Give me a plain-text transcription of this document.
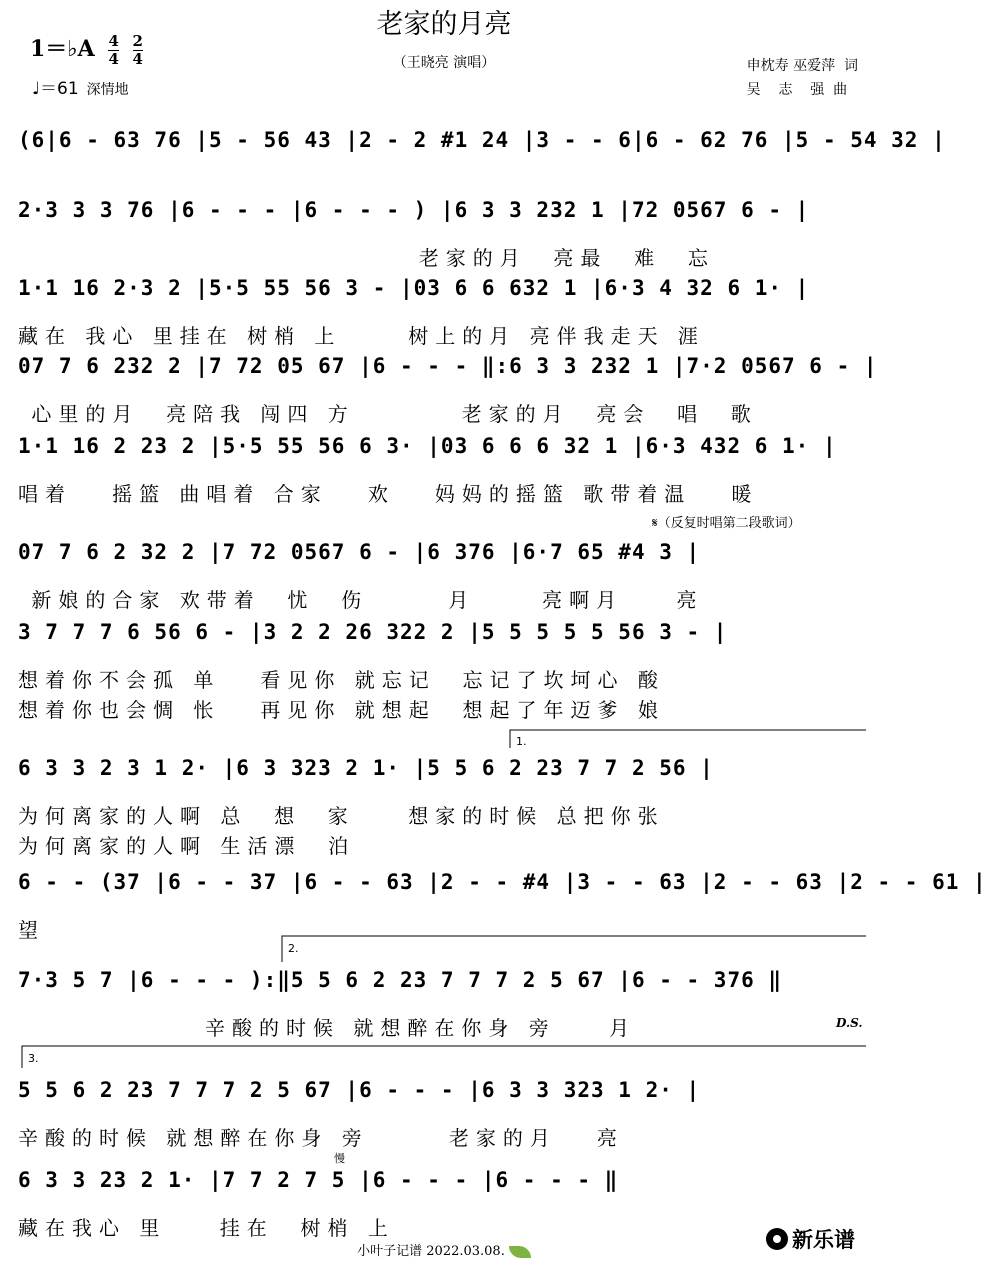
老家的月亮
（王晓亮 演唱）	申枕寿 巫爱萍  词
吴    志    强  曲
1＝♭A $\frac{4}{4}$
$\frac{2}{4}$
♩＝61 深情地
(6|6 - 63 76 |5 - 56 43 |2 - 2 #1 24 |3 - - 6|6 - 62 76 |5 - 54 32 |
2·3 3 3 76 |6 - - - |6 - - - ) |6 3 3 232 1 |72 0567 6 - |
老家的月  亮最  难  忘
1·1 16 2·3 2 |5·5 55 56 3 - |03 6 6 632 1 |6·3 4 32 6 1· |
藏在 我心 里挂在 树梢 上     树上的月 亮伴我走天 涯
07 7 6 232 2 |7 72 05 67 |6 - - - ‖:6 3 3 232 1 |7·2 0567 6 - |
心里的月  亮陪我 闯四 方        老家的月  亮会  唱  歌
1·1 16 2 23 2 |5·5 55 56 6 3· |03 6 6 6 32 1 |6·3 432 6 1· |
唱着   摇篮 曲唱着 合家   欢   妈妈的摇篮 歌带着温   暖
07 7 6 2 32 2 |7 72 0567 6 - |6 376 |6·7 65 #4 3 |
新娘的合家 欢带着  忧  伤      月     亮啊月    亮
3 7 7 7 6 56 6 - |3 2 2 26 322 2 |5 5 5 5 5 56 3 - |
想着你不会孤 单   看见你 就忘记  忘记了坎坷心 酸
想着你也会惆 怅   再见你 就想起  想起了年迈爹 娘
6 3 3 2 3 1 2· |6 3 323 2 1· |5 5 6 2 23 7 7 2 56 |
为何离家的人啊 总  想  家    想家的时候 总把你张
为何离家的人啊 生活漂  泊
6 - - (37 |6 - - 37 |6 - - 63 |2 - - #4 |3 - - 63 |2 - - 63 |2 - - 61 |
望
7·3 5 7 |6 - - - ):‖5 5 6 2 23 7 7 7 2 5 67 |6 - - 376 ‖
辛酸的时候 就想醉在你身 旁    月
5 5 6 2 23 7 7 7 2 5 67 |6 - - - |6 3 3 323 1 2· |
辛酸的时候 就想醉在你身 旁      老家的月   亮
6 3 3 23 2 1· |7 7 2 7 5 |6 - - - |6 - - - ‖
藏在我心 里    挂在  树梢 上
𝄋（反复时唱第二段歌词）
D.S.
慢
1.
2.
3.
小叶子记谱 2022.03.08.	新乐谱
